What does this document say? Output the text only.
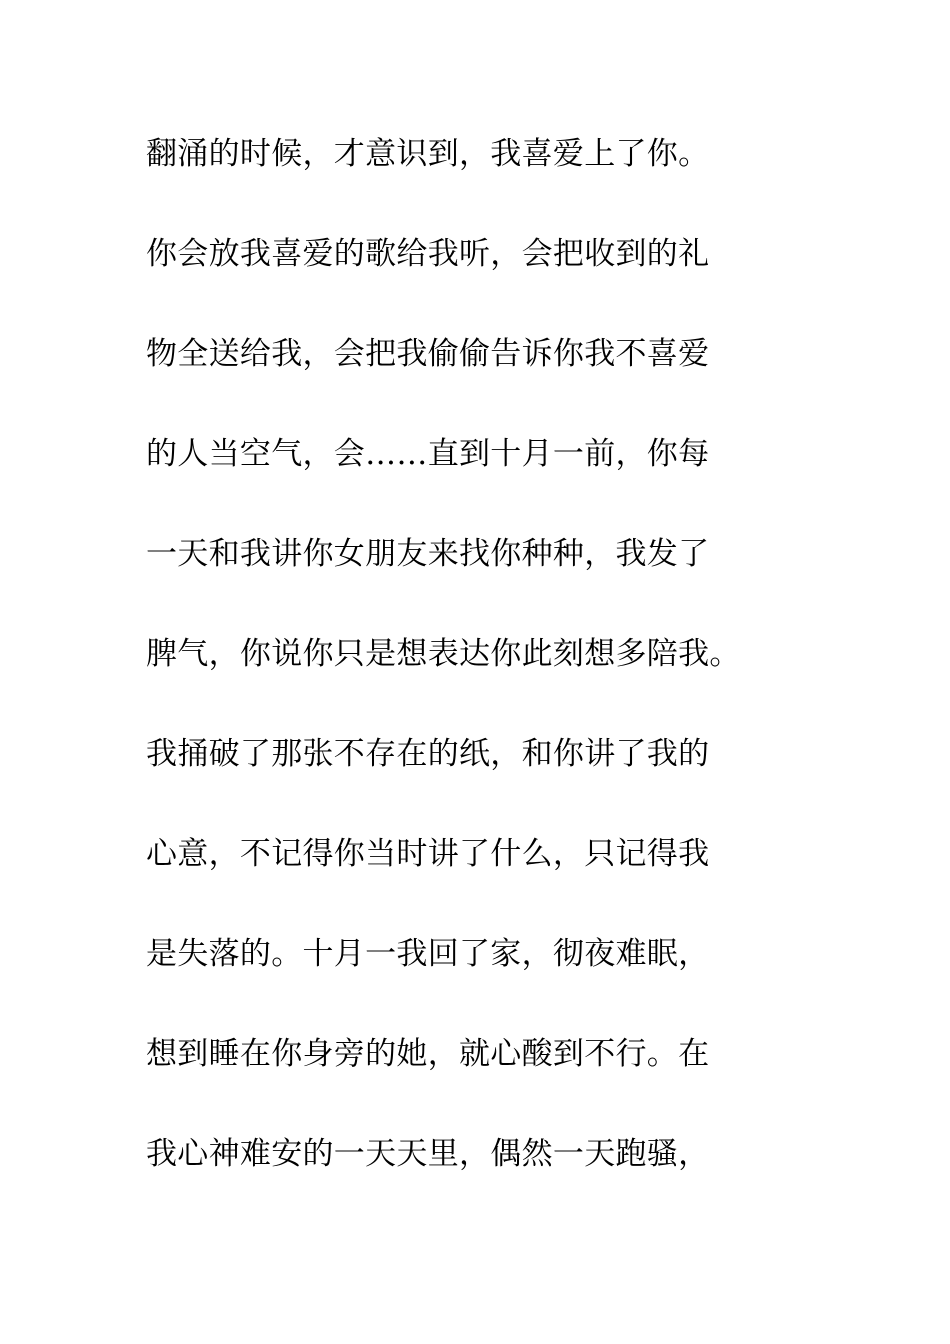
翻涌的时候，才意识到，我喜爱上了你。
你会放我喜爱的歌给我听，会把收到的礼
物全送给我，会把我偷偷告诉你我不喜爱
的人当空气，会……直到十月一前，你每
一天和我讲你女朋友来找你种种，我发了
脾气，你说你只是想表达你此刻想多陪我。
我捅破了那张不存在的纸，和你讲了我的
心意，不记得你当时讲了什么，只记得我
是失落的。十月一我回了家，彻夜难眠，
想到睡在你身旁的她，就心酸到不行。在
我心神难安的一天天里，偶然一天跑骚，
